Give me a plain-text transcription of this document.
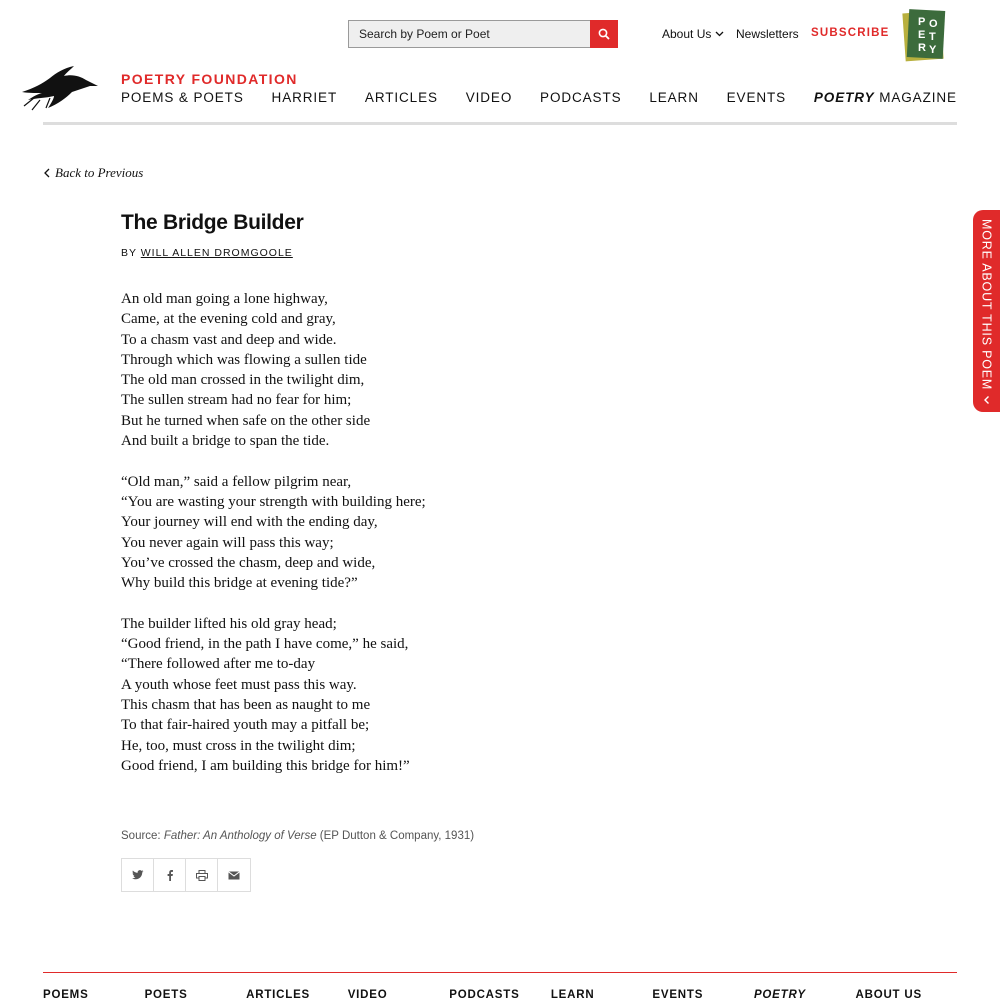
Search by Poem or Poet
About Us Newsletters SUBSCRIBE
P O
E T
R Y
POETRY FOUNDATION
POEMS & POETS HARRIET ARTICLES VIDEO PODCASTS LEARN EVENTS POETRY MAGAZINE
Back to Previous
The Bridge Builder
BY WILL ALLEN DROMGOOLE
An old man going a lone highway,
Came, at the evening cold and gray,
To a chasm vast and deep and wide.
Through which was flowing a sullen tide
The old man crossed in the twilight dim,
The sullen stream had no fear for him;
But he turned when safe on the other side
And built a bridge to span the tide.
“Old man,” said a fellow pilgrim near,
“You are wasting your strength with building here;
Your journey will end with the ending day,
You never again will pass this way;
You’ve crossed the chasm, deep and wide,
Why build this bridge at evening tide?”
The builder lifted his old gray head;
“Good friend, in the path I have come,” he said,
“There followed after me to-day
A youth whose feet must pass this way.
This chasm that has been as naught to me
To that fair-haired youth may a pitfall be;
He, too, must cross in the twilight dim;
Good friend, I am building this bridge for him!”
Source: Father: An Anthology of Verse (EP Dutton & Company, 1931)
MORE ABOUT THIS POEM
POEMS	POETS	ARTICLES	VIDEO	PODCASTS	LEARN	EVENTS	POETRY	ABOUT US
